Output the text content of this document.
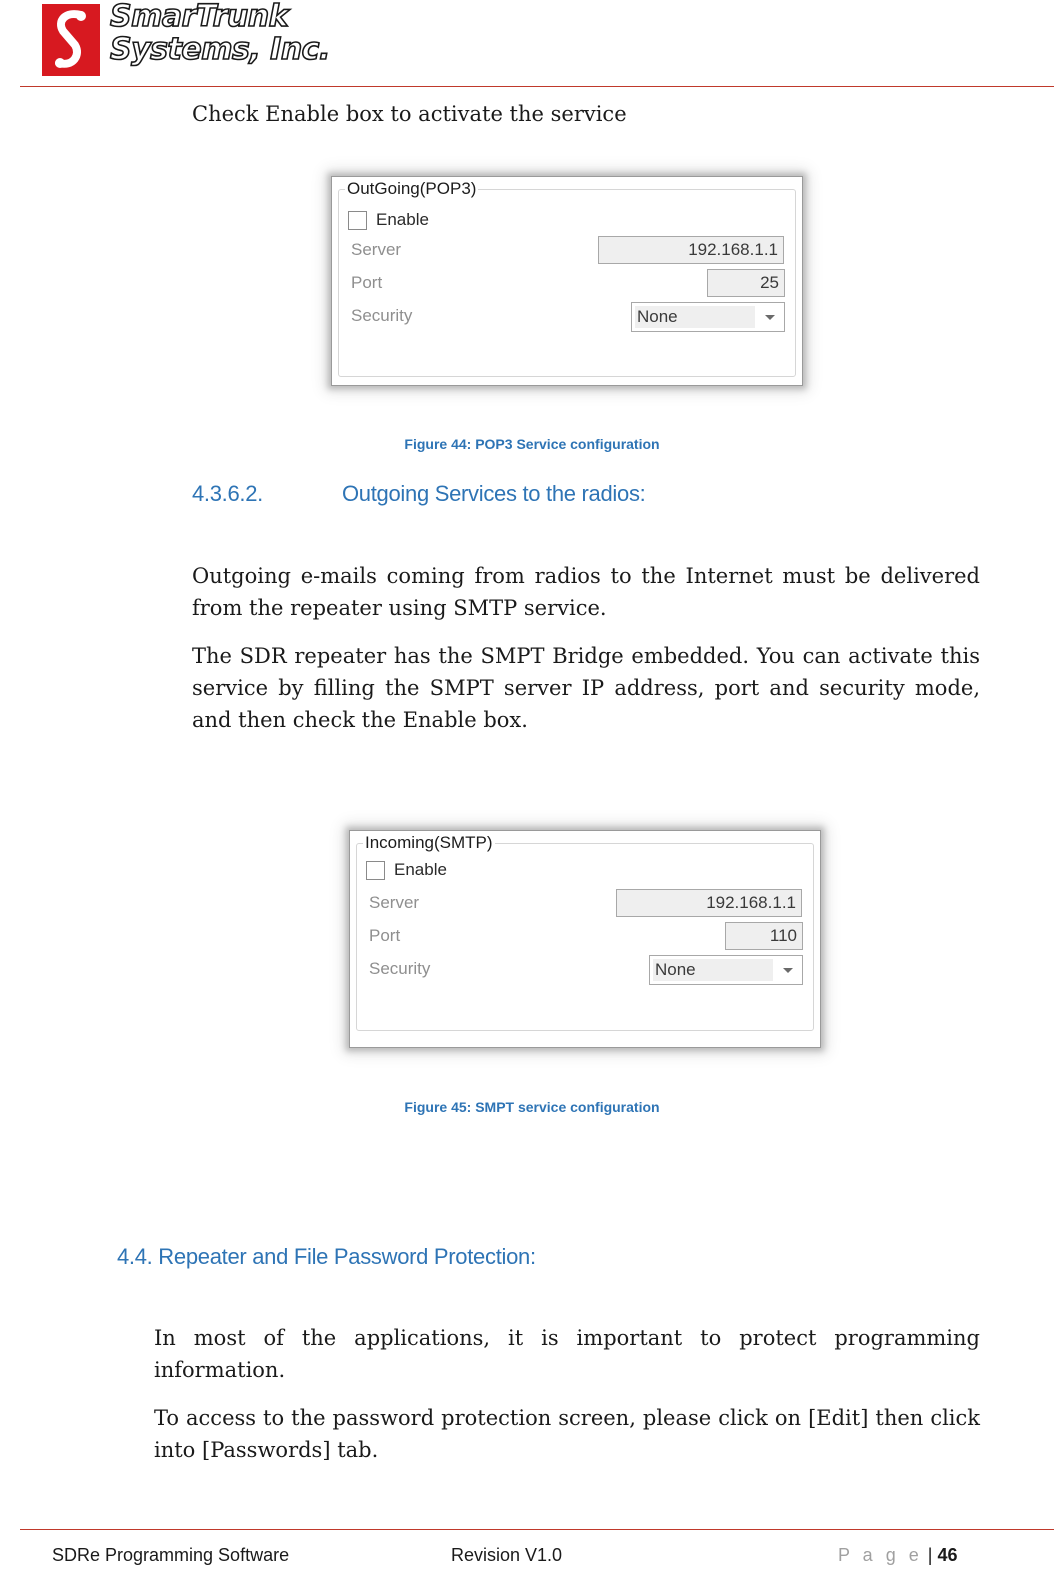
SmarTrunk
Systems, Inc.

Check Enable box to activate the service

OutGoing(POP3)
Enable
Server	192.168.1.1
Port	25
Security	None
Figure 44: POP3 Service configuration
4.3.6.2.	Outgoing Services to the radios:

Outgoing e-mails coming from radios to the Internet must be delivered from the repeater using SMTP service.

The SDR repeater has the SMPT Bridge embedded. You can activate this service by filling the SMPT server IP address, port and security mode, and then check the Enable box.

Incoming(SMTP)
Enable
Server	192.168.1.1
Port	110
Security	None
Figure 45: SMPT service configuration
4.4. Repeater and File Password Protection:

In most of the applications, it is important to protect programming information.

To access to the password protection screen, please click on [Edit] then click into [Passwords] tab.

SDRe Programming Software	Revision V1.0	P a g e | 46
